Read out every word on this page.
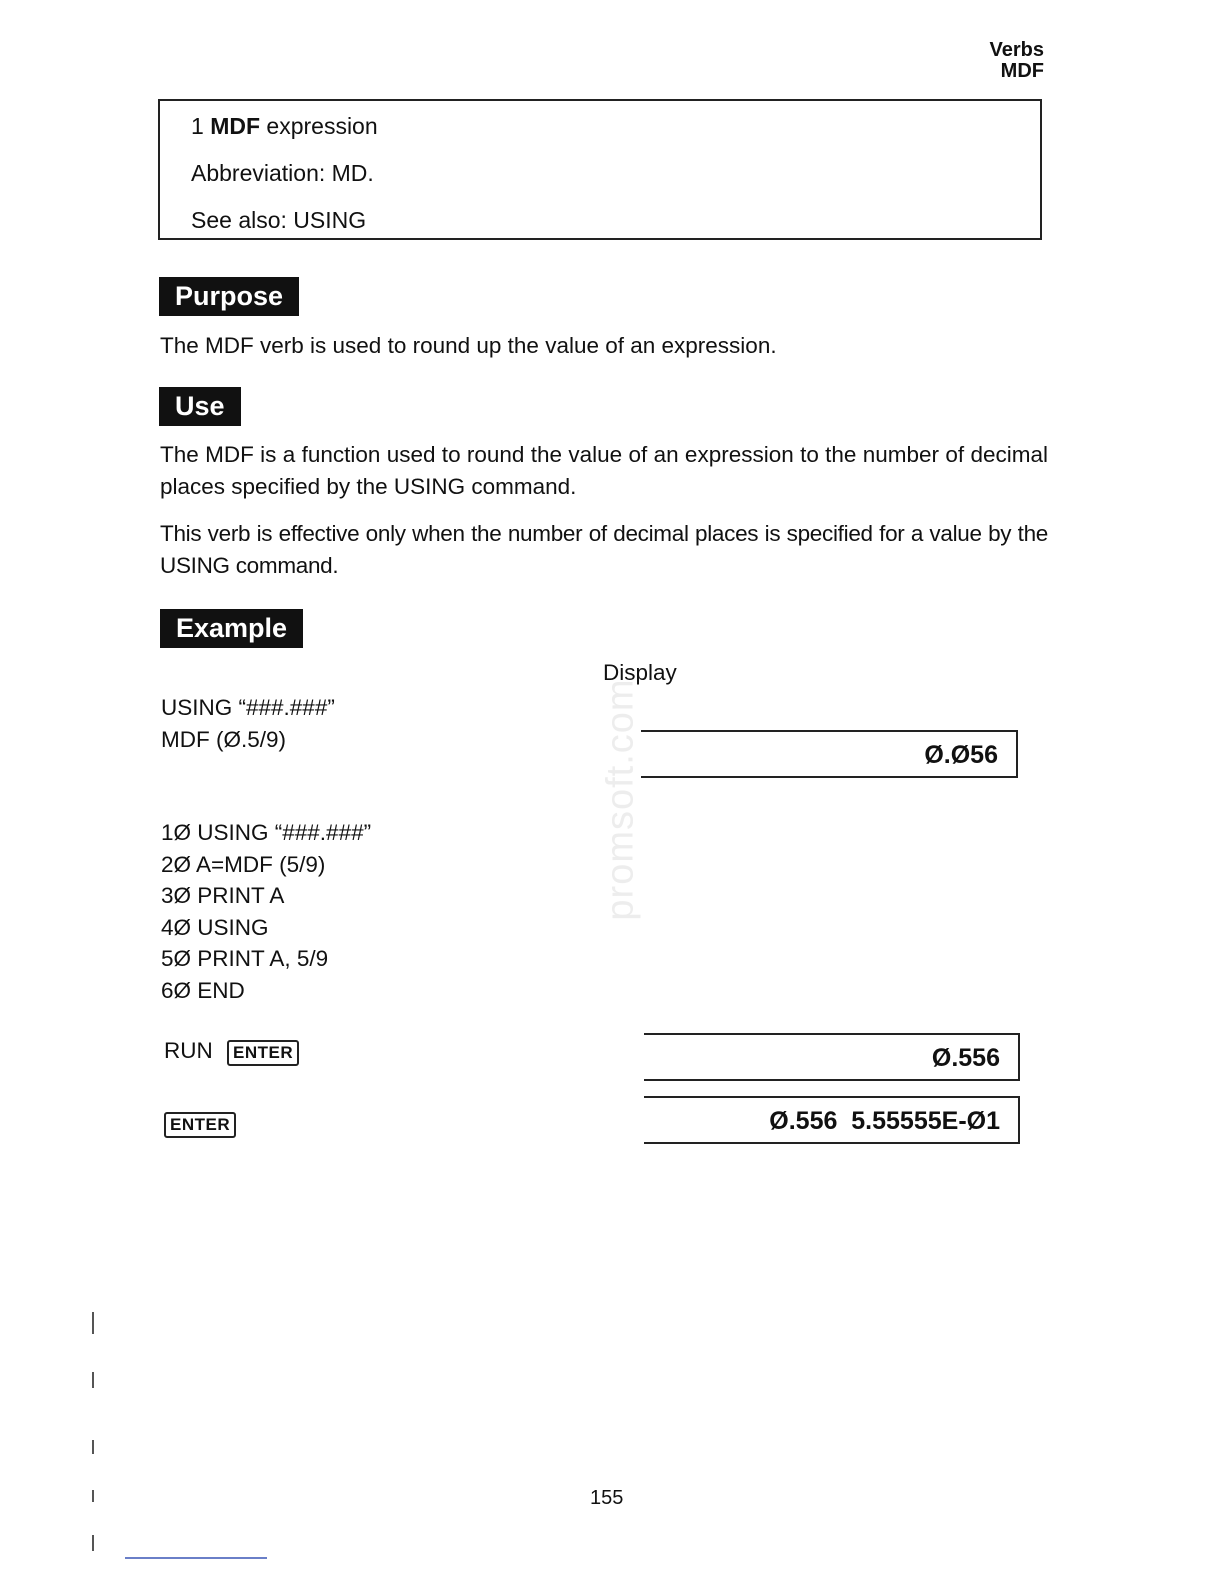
Verbs
MDF
1 MDF expression
Abbreviation: MD.
See also: USING
Purpose
The MDF verb is used to round up the value of an expression.
Use
The MDF is a function used to round the value of an expression to the number of decimal places specified by the USING command.
This verb is effective only when the number of decimal places is specified for a value by the USING command.
Example
promsoft.com
Display
USING “###.###”
MDF (Ø.5/9)
Ø.Ø56
1Ø USING “###.###”
2Ø A=MDF (5/9)
3Ø PRINT A
4Ø USING
5Ø PRINT A, 5/9
6Ø END
RUN ENTER	Ø.556
ENTER	Ø.556  5.55555E-Ø1
155
